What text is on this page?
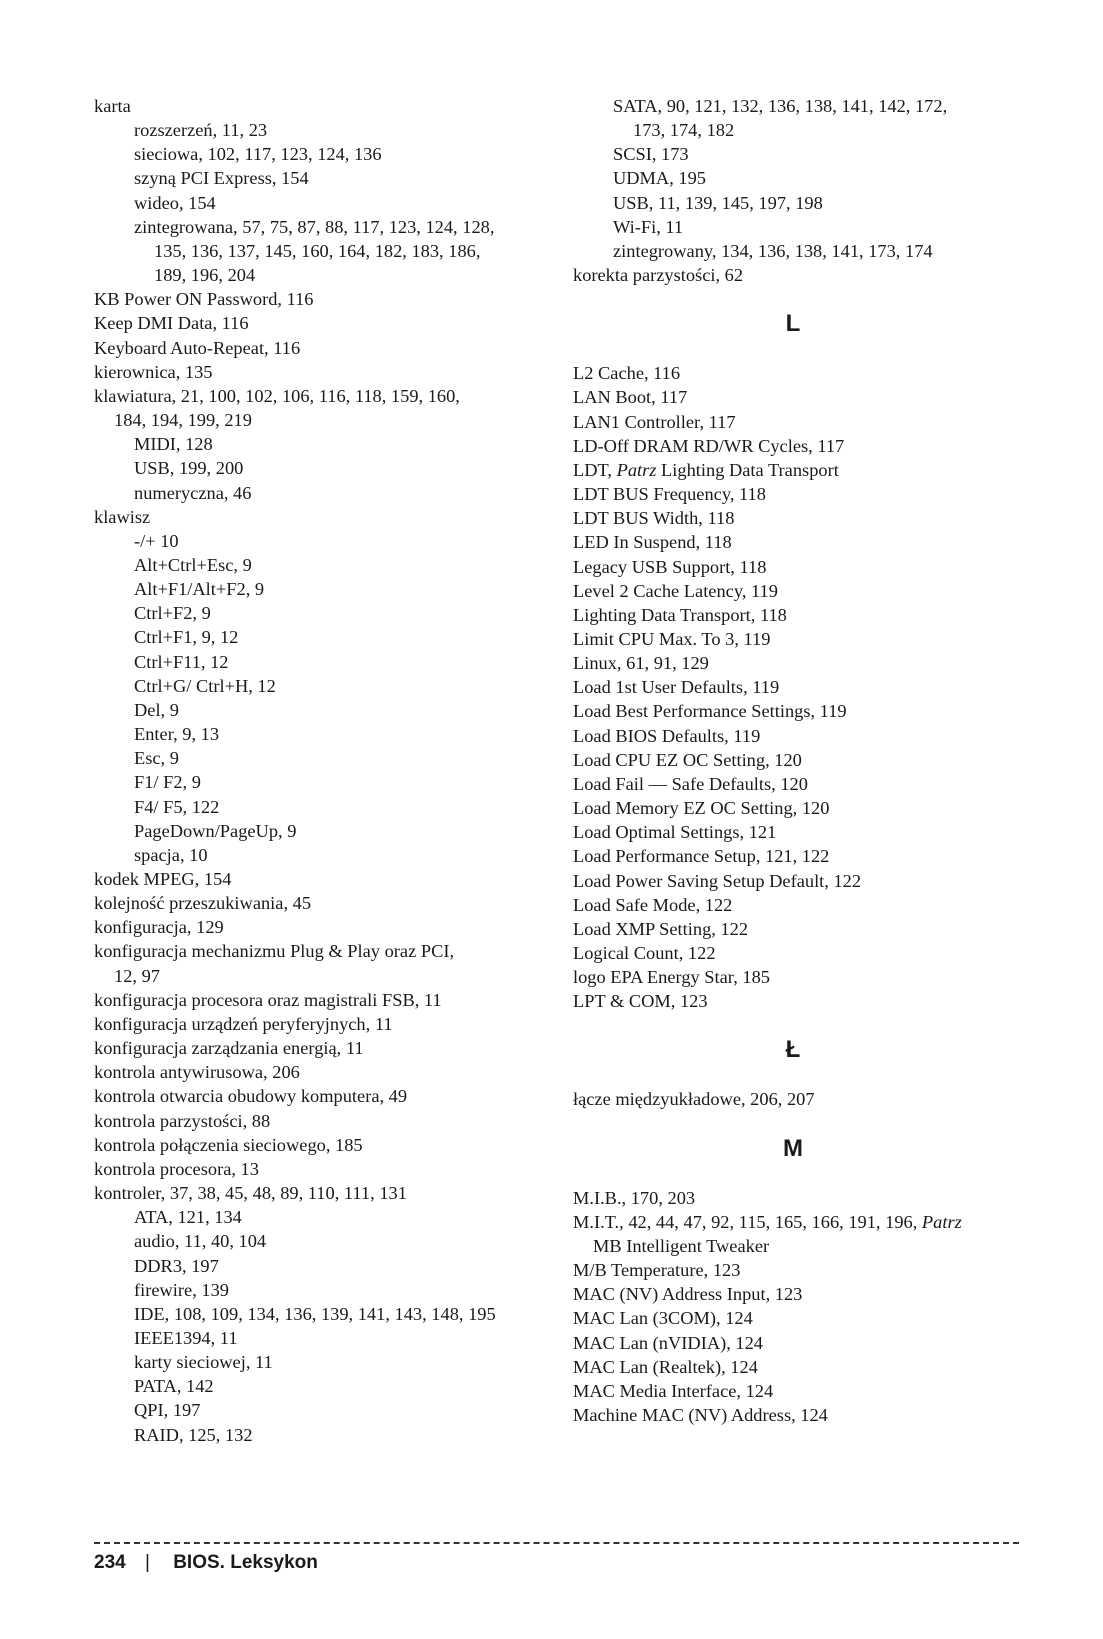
karta
rozszerzeń, 11, 23
sieciowa, 102, 117, 123, 124, 136
szyną PCI Express, 154
wideo, 154
zintegrowana, 57, 75, 87, 88, 117, 123, 124, 128,
135, 136, 137, 145, 160, 164, 182, 183, 186,
189, 196, 204
KB Power ON Password, 116
Keep DMI Data, 116
Keyboard Auto-Repeat, 116
kierownica, 135
klawiatura, 21, 100, 102, 106, 116, 118, 159, 160,
184, 194, 199, 219
MIDI, 128
USB, 199, 200
numeryczna, 46
klawisz
-/+ 10
Alt+Ctrl+Esc, 9
Alt+F1/Alt+F2, 9
Ctrl+F2, 9
Ctrl+F1, 9, 12
Ctrl+F11, 12
Ctrl+G/ Ctrl+H, 12
Del, 9
Enter, 9, 13
Esc, 9
F1/ F2, 9
F4/ F5, 122
PageDown/PageUp, 9
spacja, 10
kodek MPEG, 154
kolejność przeszukiwania, 45
konfiguracja, 129
konfiguracja mechanizmu Plug & Play oraz PCI,
12, 97
konfiguracja procesora oraz magistrali FSB, 11
konfiguracja urządzeń peryferyjnych, 11
konfiguracja zarządzania energią, 11
kontrola antywirusowa, 206
kontrola otwarcia obudowy komputera, 49
kontrola parzystości, 88
kontrola połączenia sieciowego, 185
kontrola procesora, 13
kontroler, 37, 38, 45, 48, 89, 110, 111, 131
ATA, 121, 134
audio, 11, 40, 104
DDR3, 197
firewire, 139
IDE, 108, 109, 134, 136, 139, 141, 143, 148, 195
IEEE1394, 11
karty sieciowej, 11
PATA, 142
QPI, 197
RAID, 125, 132
SATA, 90, 121, 132, 136, 138, 141, 142, 172,
173, 174, 182
SCSI, 173
UDMA, 195
USB, 11, 139, 145, 197, 198
Wi-Fi, 11
zintegrowany, 134, 136, 138, 141, 173, 174
korekta parzystości, 62
L
L2 Cache, 116
LAN Boot, 117
LAN1 Controller, 117
LD-Off DRAM RD/WR Cycles, 117
LDT, Patrz Lighting Data Transport
LDT BUS Frequency, 118
LDT BUS Width, 118
LED In Suspend, 118
Legacy USB Support, 118
Level 2 Cache Latency, 119
Lighting Data Transport, 118
Limit CPU Max. To 3, 119
Linux, 61, 91, 129
Load 1st User Defaults, 119
Load Best Performance Settings, 119
Load BIOS Defaults, 119
Load CPU EZ OC Setting, 120
Load Fail — Safe Defaults, 120
Load Memory EZ OC Setting, 120
Load Optimal Settings, 121
Load Performance Setup, 121, 122
Load Power Saving Setup Default, 122
Load Safe Mode, 122
Load XMP Setting, 122
Logical Count, 122
logo EPA Energy Star, 185
LPT & COM, 123
Ł
łącze międzyukładowe, 206, 207
M
M.I.B., 170, 203
M.I.T., 42, 44, 47, 92, 115, 165, 166, 191, 196, Patrz
MB Intelligent Tweaker
M/B Temperature, 123
MAC (NV) Address Input, 123
MAC Lan (3COM), 124
MAC Lan (nVIDIA), 124
MAC Lan (Realtek), 124
MAC Media Interface, 124
Machine MAC (NV) Address, 124
234 | BIOS. Leksykon
